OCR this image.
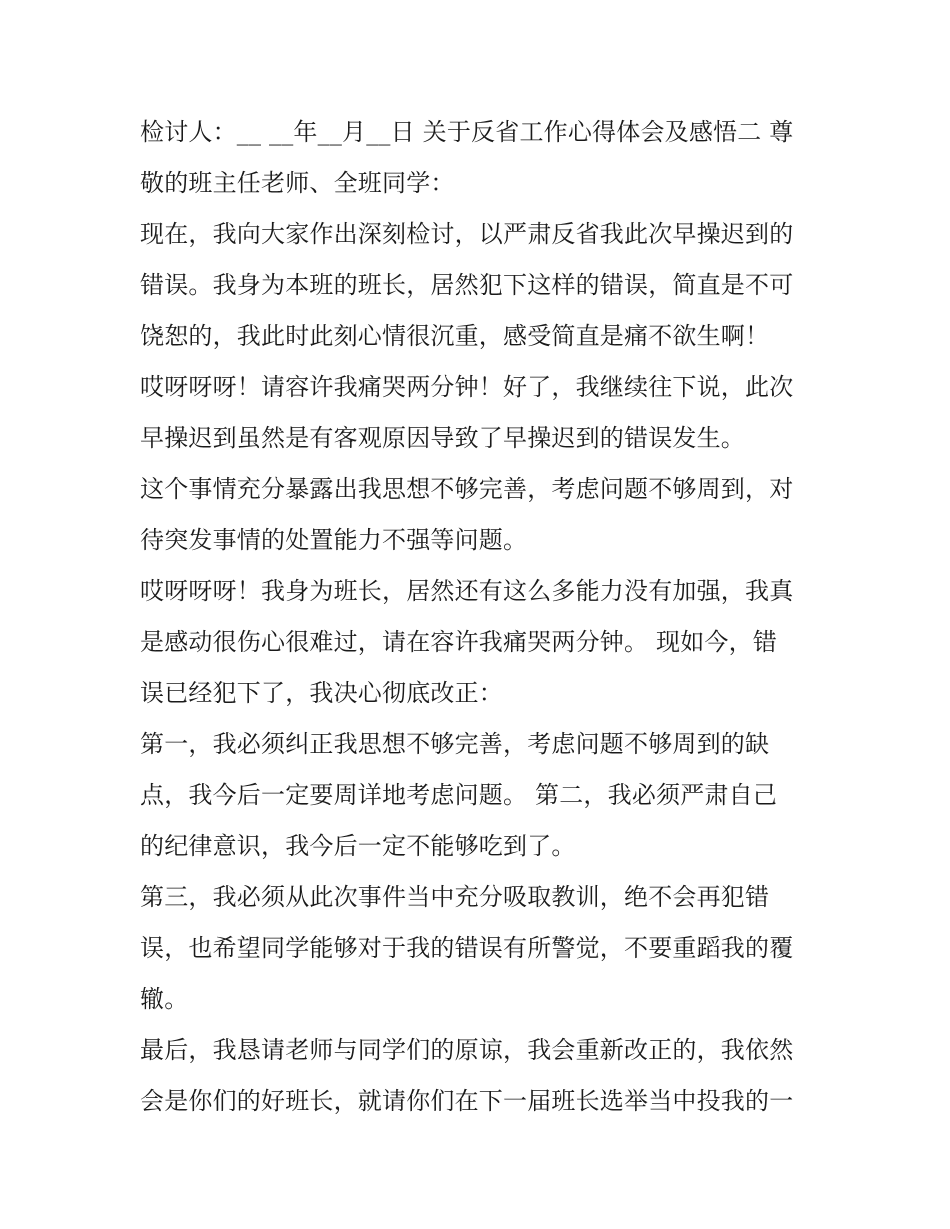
检讨人：__ __年__月__日 关于反省工作心得体会及感悟二 尊
敬的班主任老师、全班同学：
现在，我向大家作出深刻检讨，以严肃反省我此次早操迟到的
错误。我身为本班的班长，居然犯下这样的错误，简直是不可
饶恕的，我此时此刻心情很沉重，感受简直是痛不欲生啊！
哎呀呀呀！请容许我痛哭两分钟！好了，我继续往下说，此次
早操迟到虽然是有客观原因导致了早操迟到的错误发生。
这个事情充分暴露出我思想不够完善，考虑问题不够周到，对
待突发事情的处置能力不强等问题。
哎呀呀呀！我身为班长，居然还有这么多能力没有加强，我真
是感动很伤心很难过，请在容许我痛哭两分钟。 现如今，错
误已经犯下了，我决心彻底改正：
第一，我必须纠正我思想不够完善，考虑问题不够周到的缺
点，我今后一定要周详地考虑问题。 第二，我必须严肃自己
的纪律意识，我今后一定不能够吃到了。
第三，我必须从此次事件当中充分吸取教训，绝不会再犯错
误，也希望同学能够对于我的错误有所警觉，不要重蹈我的覆
辙。
最后，我恳请老师与同学们的原谅，我会重新改正的，我依然
会是你们的好班长，就请你们在下一届班长选举当中投我的一
